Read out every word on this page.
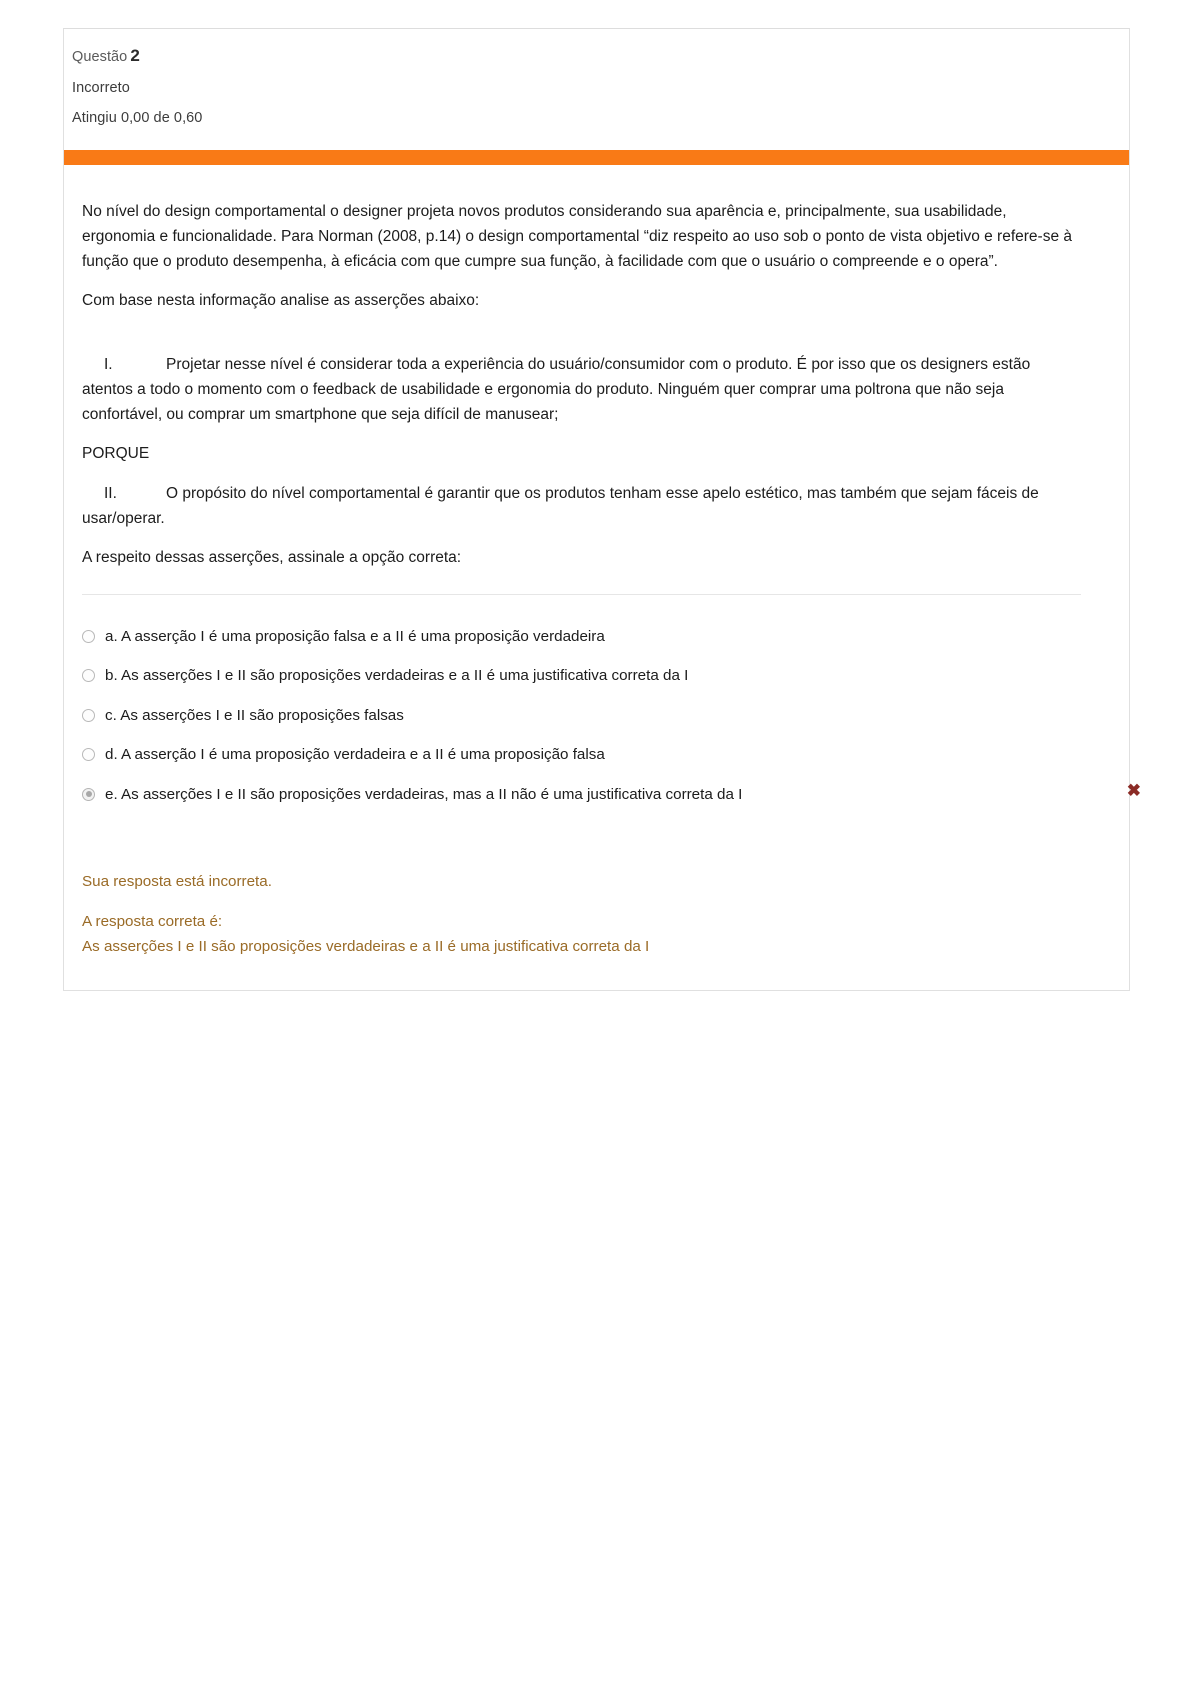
Questão 2
Incorreto
Atingiu 0,00 de 0,60

No nível do design comportamental o designer projeta novos produtos considerando sua aparência e, principalmente, sua usabilidade, ergonomia e funcionalidade. Para Norman (2008, p.14) o design comportamental “diz respeito ao uso sob o ponto de vista objetivo e refere-se à função que o produto desempenha, à eficácia com que cumpre sua função, à facilidade com que o usuário o compreende e o opera”.

Com base nesta informação analise as asserções abaixo:

I.	Projetar nesse nível é considerar toda a experiência do usuário/consumidor com o produto. É por isso que os designers estão atentos a todo o momento com o feedback de usabilidade e ergonomia do produto. Ninguém quer comprar uma poltrona que não seja confortável, ou comprar um smartphone que seja difícil de manusear;

PORQUE

II.	O propósito do nível comportamental é garantir que os produtos tenham esse apelo estético, mas também que sejam fáceis de usar/operar.

A respeito dessas asserções, assinale a opção correta:

a. A asserção I é uma proposição falsa e a II é uma proposição verdadeira
b. As asserções I e II são proposições verdadeiras e a II é uma justificativa correta da I
c. As asserções I e II são proposições falsas
d. A asserção I é uma proposição verdadeira e a II é uma proposição falsa
e. As asserções I e II são proposições verdadeiras, mas a II não é uma justificativa correta da I	✖

Sua resposta está incorreta.

A resposta correta é:

As asserções I e II são proposições verdadeiras e a II é uma justificativa correta da I
